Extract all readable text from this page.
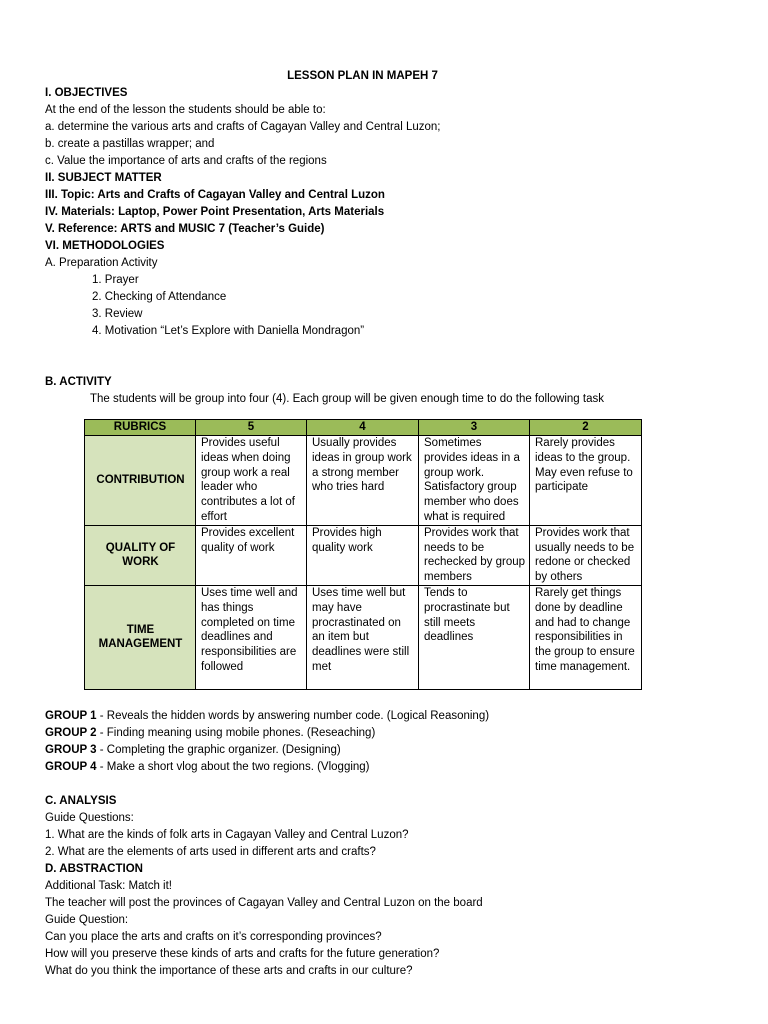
LESSON PLAN IN MAPEH 7
I. OBJECTIVES
At the end of the lesson the students should be able to:
a. determine the various arts and crafts of Cagayan Valley and Central Luzon;
b. create a pastillas wrapper; and
c. Value the importance of arts and crafts of the regions
II. SUBJECT MATTER
III. Topic: Arts and Crafts of Cagayan Valley and Central Luzon
IV. Materials: Laptop, Power Point Presentation, Arts Materials
V. Reference: ARTS and MUSIC 7 (Teacher’s Guide)
VI. METHODOLOGIES
A. Preparation Activity
1. Prayer
2. Checking of Attendance
3. Review
4. Motivation “Let’s Explore with Daniella Mondragon”
B. ACTIVITY
The students will be group into four (4). Each group will be given enough time to do the following task
RUBRICS	5	4	3	2
CONTRIBUTION	Provides useful ideas when doing group work a real leader who contributes a lot of effort	Usually provides ideas in group work a strong member who tries hard	Sometimes provides ideas in a group work. Satisfactory group member who does what is required	Rarely provides ideas to the group. May even refuse to participate
QUALITY OF WORK	Provides excellent quality of work	Provides high quality work	Provides work that needs to be rechecked by group members	Provides work that usually needs to be redone or checked by others
TIME MANAGEMENT	Uses time well and has things completed on time deadlines and responsibilities are followed	Uses time well but may have procrastinated on an item but deadlines were still met	Tends to procrastinate but still meets deadlines	Rarely get things done by deadline and had to change responsibilities in the group to ensure time management.
GROUP 1 - Reveals the hidden words by answering number code. (Logical Reasoning)
GROUP 2 - Finding meaning using mobile phones. (Reseaching)
GROUP 3 - Completing the graphic organizer. (Designing)
GROUP 4 - Make a short vlog about the two regions. (Vlogging)
C. ANALYSIS
Guide Questions:
1. What are the kinds of folk arts in Cagayan Valley and Central Luzon?
2. What are the elements of arts used in different arts and crafts?
D. ABSTRACTION
Additional Task: Match it!
The teacher will post the provinces of Cagayan Valley and Central Luzon on the board
Guide Question:
Can you place the arts and crafts on it’s corresponding provinces?
How will you preserve these kinds of arts and crafts for the future generation?
What do you think the importance of these arts and crafts in our culture?
